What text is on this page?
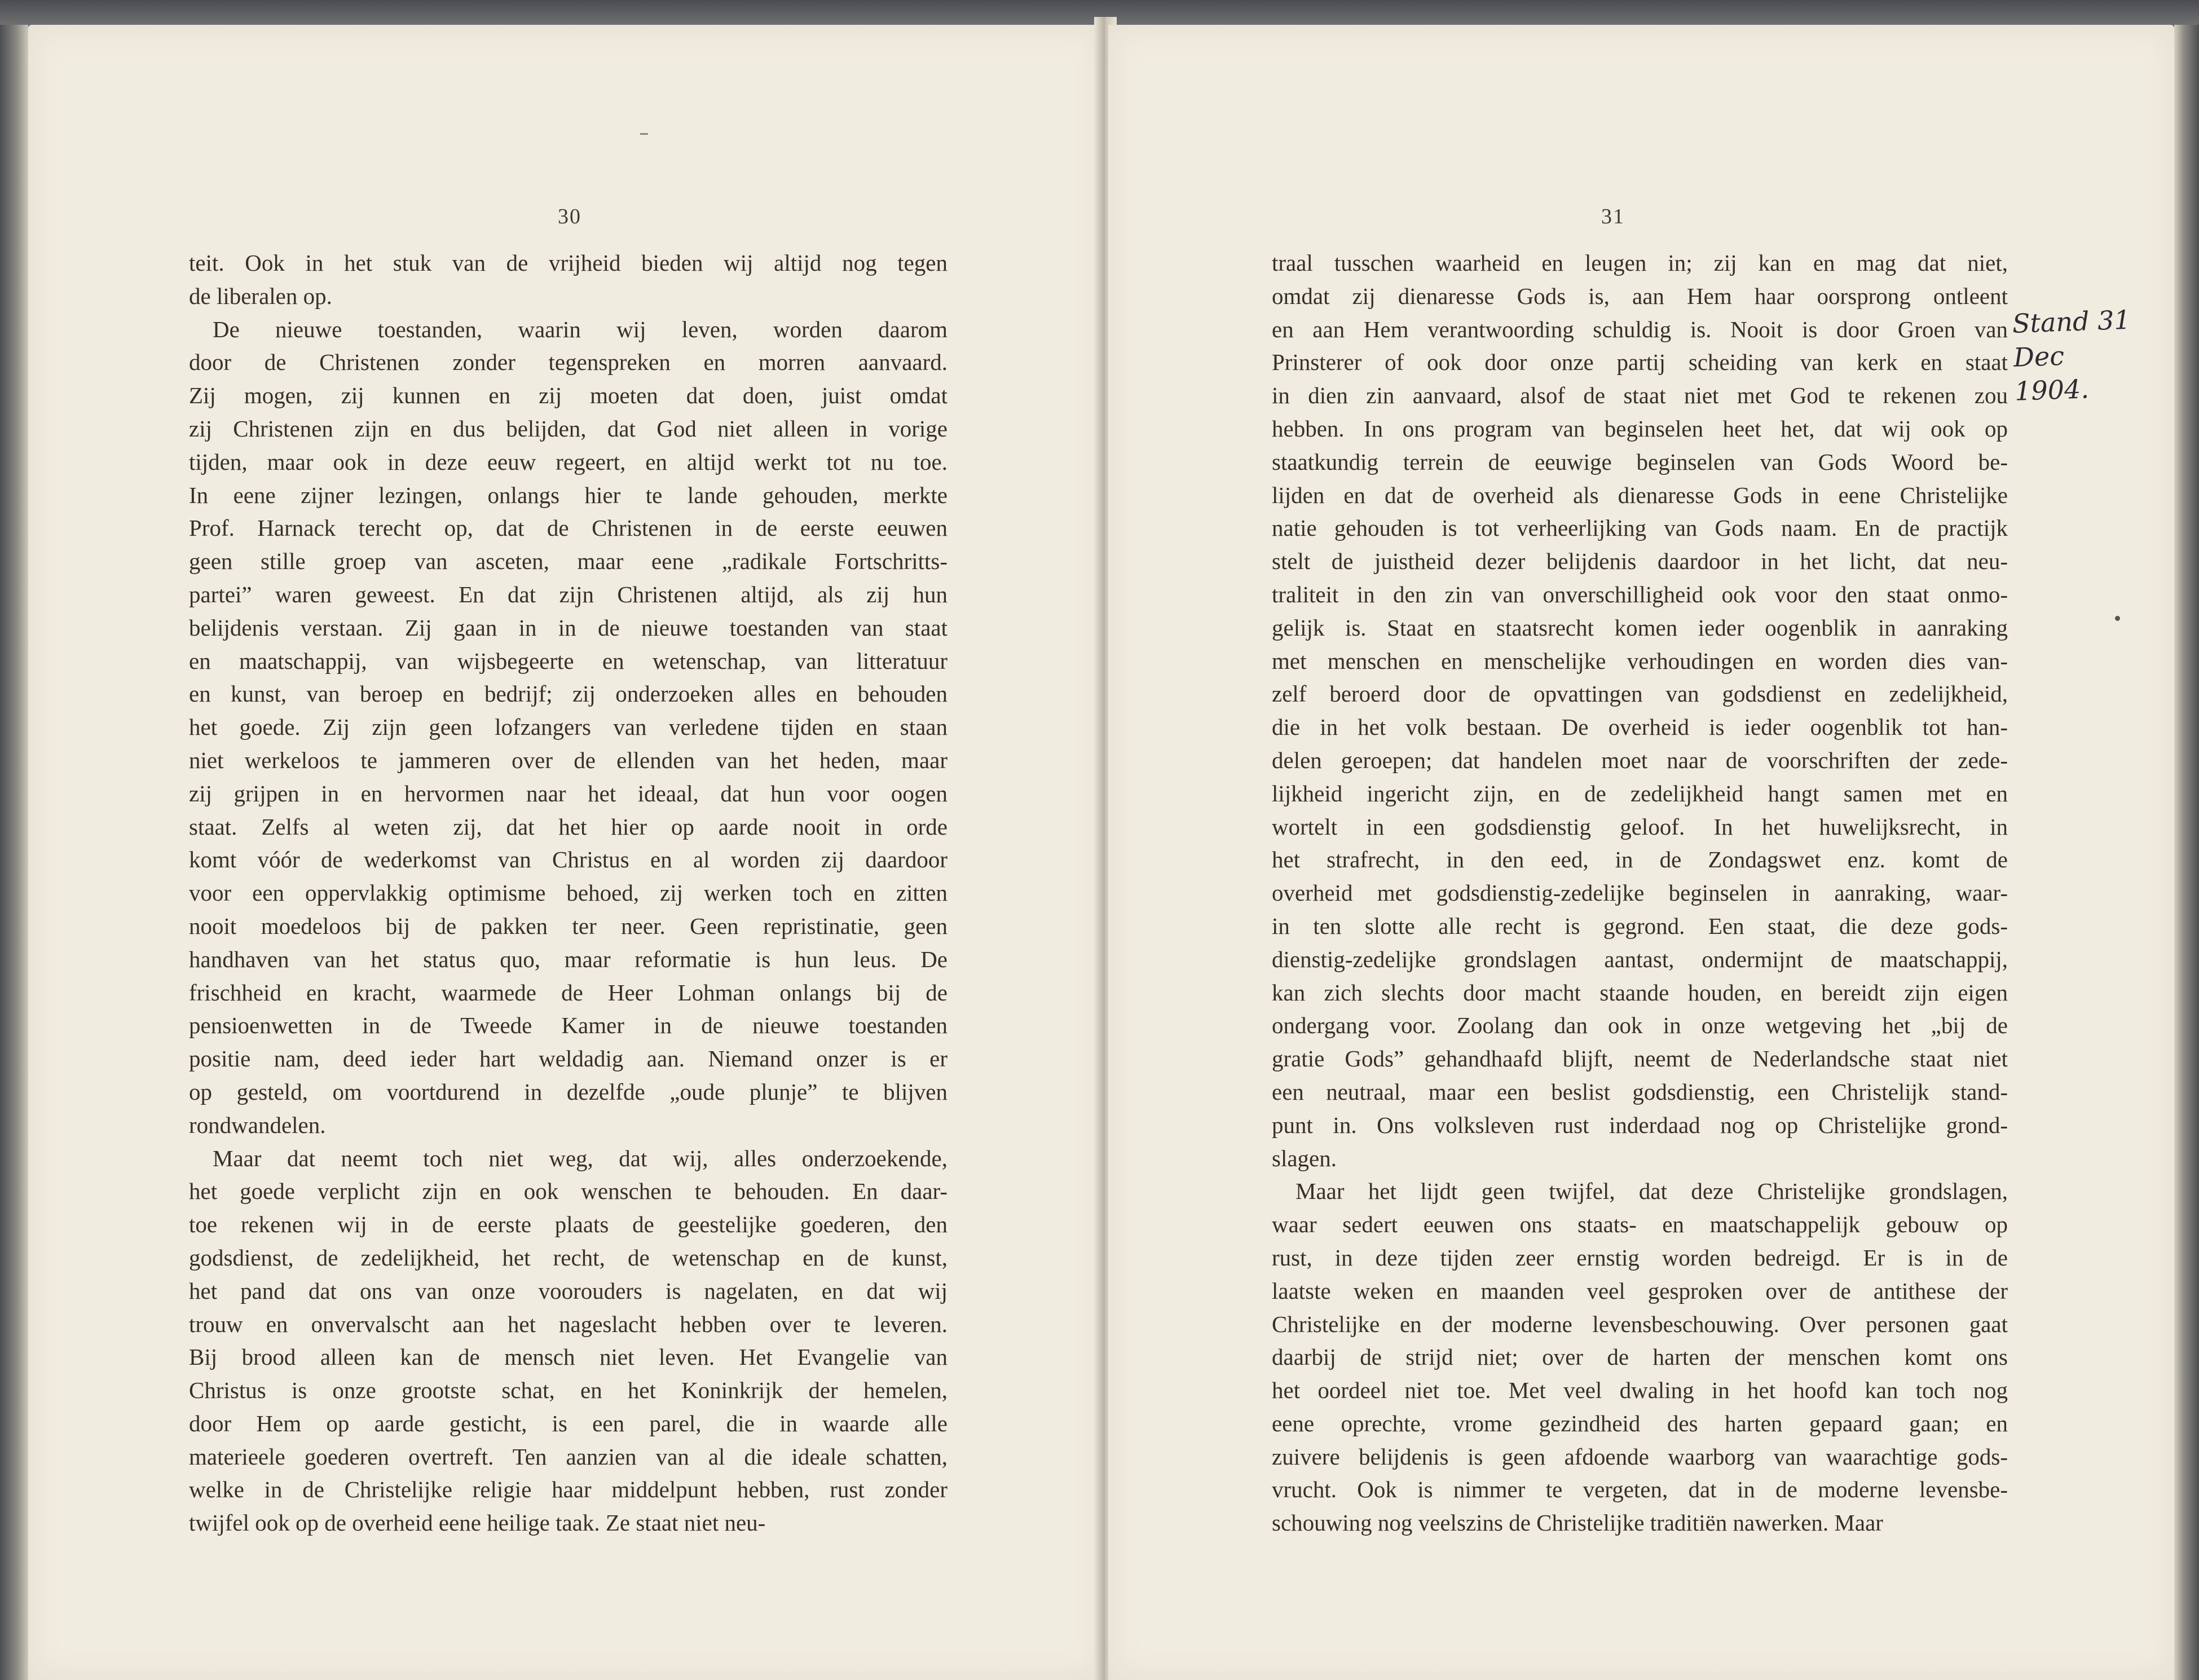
30
teit. Ook in het stuk van de vrijheid bieden wij altijd nog tegen
de liberalen op.
De nieuwe toestanden, waarin wij leven, worden daarom
door de Christenen zonder tegenspreken en morren aanvaard.
Zij mogen, zij kunnen en zij moeten dat doen, juist omdat
zij Christenen zijn en dus belijden, dat God niet alleen in vorige
tijden, maar ook in deze eeuw regeert, en altijd werkt tot nu toe.
In eene zijner lezingen, onlangs hier te lande gehouden, merkte
Prof. Harnack terecht op, dat de Christenen in de eerste eeuwen
geen stille groep van asceten, maar eene „radikale Fortschritts-
partei” waren geweest. En dat zijn Christenen altijd, als zij hun
belijdenis verstaan. Zij gaan in in de nieuwe toestanden van staat
en maatschappij, van wijsbegeerte en wetenschap, van litteratuur
en kunst, van beroep en bedrijf; zij onderzoeken alles en behouden
het goede. Zij zijn geen lofzangers van verledene tijden en staan
niet werkeloos te jammeren over de ellenden van het heden, maar
zij grijpen in en hervormen naar het ideaal, dat hun voor oogen
staat. Zelfs al weten zij, dat het hier op aarde nooit in orde
komt vóór de wederkomst van Christus en al worden zij daardoor
voor een oppervlakkig optimisme behoed, zij werken toch en zitten
nooit moedeloos bij de pakken ter neer. Geen repristinatie, geen
handhaven van het status quo, maar reformatie is hun leus. De
frischheid en kracht, waarmede de Heer Lohman onlangs bij de
pensioenwetten in de Tweede Kamer in de nieuwe toestanden
positie nam, deed ieder hart weldadig aan. Niemand onzer is er
op gesteld, om voortdurend in dezelfde „oude plunje” te blijven
rondwandelen.
Maar dat neemt toch niet weg, dat wij, alles onderzoekende,
het goede verplicht zijn en ook wenschen te behouden. En daar-
toe rekenen wij in de eerste plaats de geestelijke goederen, den
godsdienst, de zedelijkheid, het recht, de wetenschap en de kunst,
het pand dat ons van onze voorouders is nagelaten, en dat wij
trouw en onvervalscht aan het nageslacht hebben over te leveren.
Bij brood alleen kan de mensch niet leven. Het Evangelie van
Christus is onze grootste schat, en het Koninkrijk der hemelen,
door Hem op aarde gesticht, is een parel, die in waarde alle
materieele goederen overtreft. Ten aanzien van al die ideale schatten,
welke in de Christelijke religie haar middelpunt hebben, rust zonder
twijfel ook op de overheid eene heilige taak. Ze staat niet neu-
31
traal tusschen waarheid en leugen in; zij kan en mag dat niet,
omdat zij dienaresse Gods is, aan Hem haar oorsprong ontleent
en aan Hem verantwoording schuldig is. Nooit is door Groen van
Prinsterer of ook door onze partij scheiding van kerk en staat
in dien zin aanvaard, alsof de staat niet met God te rekenen zou
hebben. In ons program van beginselen heet het, dat wij ook op
staatkundig terrein de eeuwige beginselen van Gods Woord be-
lijden en dat de overheid als dienaresse Gods in eene Christelijke
natie gehouden is tot verheerlijking van Gods naam. En de practijk
stelt de juistheid dezer belijdenis daardoor in het licht, dat neu-
traliteit in den zin van onverschilligheid ook voor den staat onmo-
gelijk is. Staat en staatsrecht komen ieder oogenblik in aanraking
met menschen en menschelijke verhoudingen en worden dies van-
zelf beroerd door de opvattingen van godsdienst en zedelijkheid,
die in het volk bestaan. De overheid is ieder oogenblik tot han-
delen geroepen; dat handelen moet naar de voorschriften der zede-
lijkheid ingericht zijn, en de zedelijkheid hangt samen met en
wortelt in een godsdienstig geloof. In het huwelijksrecht, in
het strafrecht, in den eed, in de Zondagswet enz. komt de
overheid met godsdienstig-zedelijke beginselen in aanraking, waar-
in ten slotte alle recht is gegrond. Een staat, die deze gods-
dienstig-zedelijke grondslagen aantast, ondermijnt de maatschappij,
kan zich slechts door macht staande houden, en bereidt zijn eigen
ondergang voor. Zoolang dan ook in onze wetgeving het „bij de
gratie Gods” gehandhaafd blijft, neemt de Nederlandsche staat niet
een neutraal, maar een beslist godsdienstig, een Christelijk stand-
punt in. Ons volksleven rust inderdaad nog op Christelijke grond-
slagen.
Maar het lijdt geen twijfel, dat deze Christelijke grondslagen,
waar sedert eeuwen ons staats- en maatschappelijk gebouw op
rust, in deze tijden zeer ernstig worden bedreigd. Er is in de
laatste weken en maanden veel gesproken over de antithese der
Christelijke en der moderne levensbeschouwing. Over personen gaat
daarbij de strijd niet; over de harten der menschen komt ons
het oordeel niet toe. Met veel dwaling in het hoofd kan toch nog
eene oprechte, vrome gezindheid des harten gepaard gaan; en
zuivere belijdenis is geen afdoende waarborg van waarachtige gods-
vrucht. Ook is nimmer te vergeten, dat in de moderne levensbe-
schouwing nog veelszins de Christelijke traditiën nawerken. Maar
Stand 31 Dec
1904.
